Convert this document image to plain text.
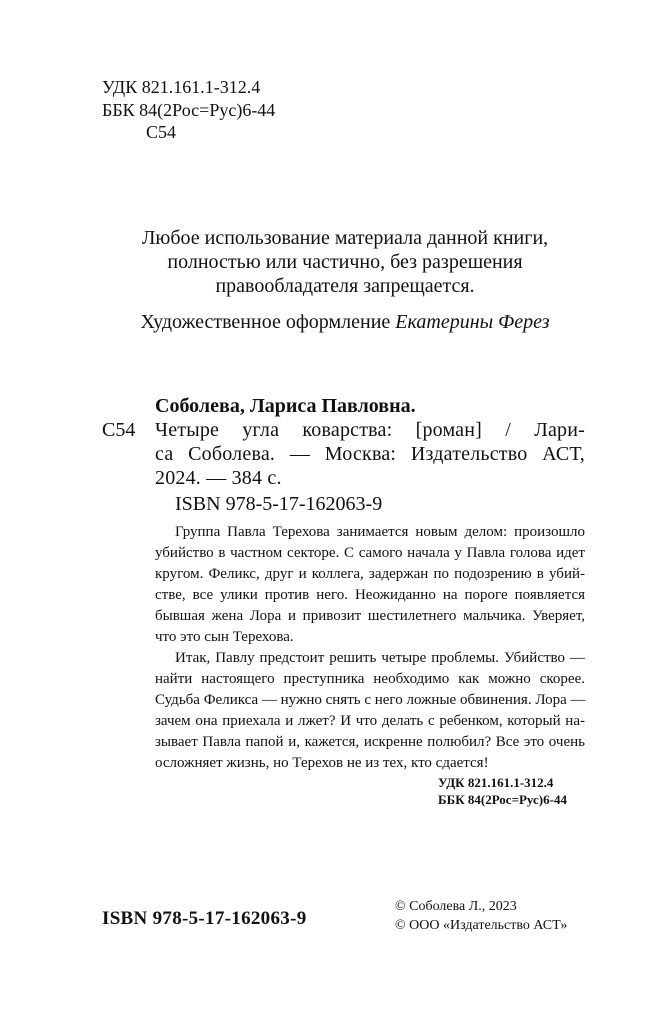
УДК 821.161.1-312.4
ББК 84(2Рос=Рус)6-44
С54
Любое использование материала данной книги,
полностью или частично, без разрешения
правообладателя запрещается.
Художественное оформление Екатерины Ферез
Соболева, Лариса Павловна.
С54 Четыре угла коварства: [роман] / Лари-
са Соболева. — Москва: Издательство АСТ,
2024. — 384 с.
ISBN 978-5-17-162063-9
Группа Павла Терехова занимается новым делом: произошло
убийство в частном секторе. С самого начала у Павла голова идет
кругом. Феликс, друг и коллега, задержан по подозрению в убий-
стве, все улики против него. Неожиданно на пороге появляется
бывшая жена Лора и привозит шестилетнего мальчика. Уверяет,
что это сын Терехова.
Итак, Павлу предстоит решить четыре проблемы. Убийство —
найти настоящего преступника необходимо как можно скорее.
Судьба Феликса — нужно снять с него ложные обвинения. Лора —
зачем она приехала и лжет? И что делать с ребенком, который на-
зывает Павла папой и, кажется, искренне полюбил? Все это очень
осложняет жизнь, но Терехов не из тех, кто сдается!
УДК 821.161.1-312.4
ББК 84(2Рос=Рус)6-44
ISBN 978-5-17-162063-9
© Соболева Л., 2023
© ООО «Издательство АСТ»
